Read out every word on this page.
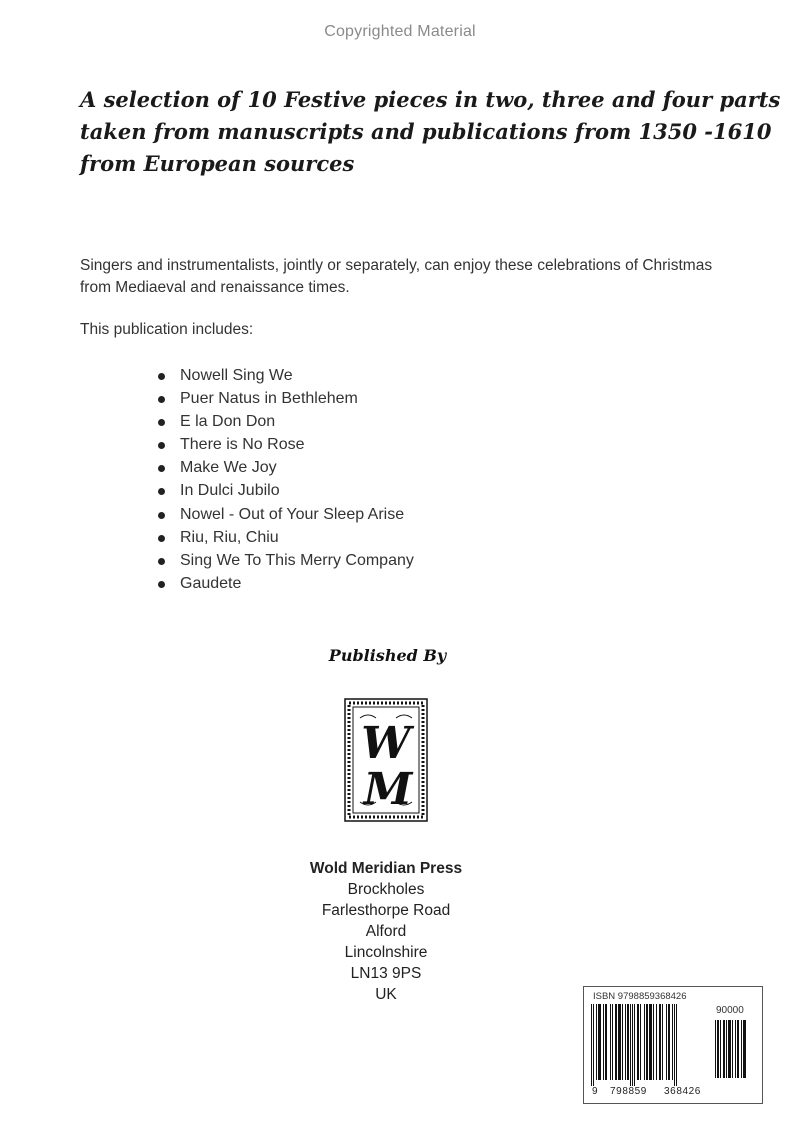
Copyrighted Material
A selection of 10 Festive pieces in two, three and four parts
taken from manuscripts and publications from 1350 -1610
from European sources
Singers and instrumentalists, jointly or separately, can enjoy these celebrations of Christmas from Mediaeval and renaissance times.
This publication includes:
Nowell Sing We
Puer Natus in Bethlehem
E la Don Don
There is No Rose
Make We Joy
In Dulci Jubilo
Nowel - Out of Your Sleep Arise
Riu, Riu, Chiu
Sing We To This Merry Company
Gaudete
Published By
W
M
Wold Meridian Press
Brockholes
Farlesthorpe Road
Alford
Lincolnshire
LN13 9PS
UK	ISBN 9798859368426
90000
9 798859 368426
